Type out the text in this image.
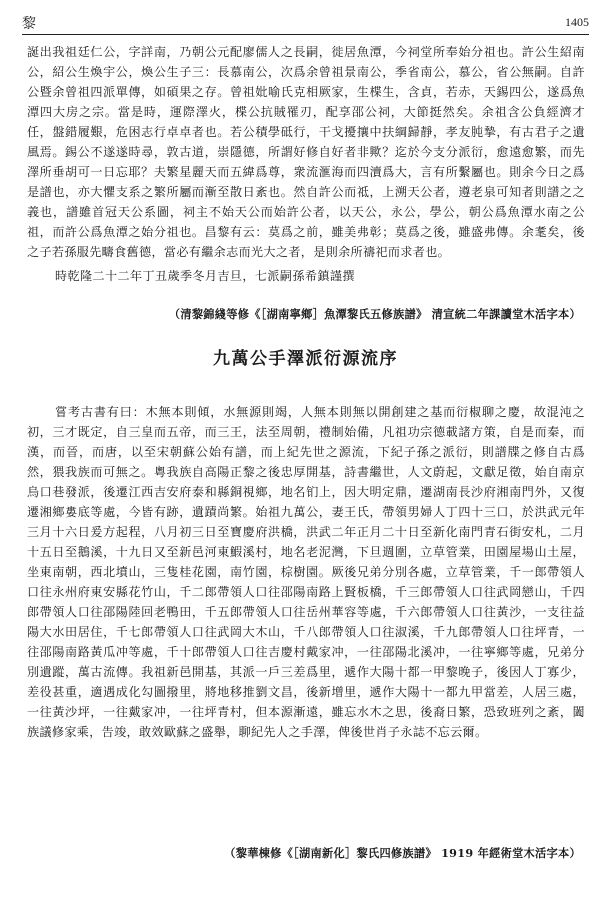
黎	1405

誕出我祖廷仁公，字詳南，乃朝公元配廖儒人之長嗣，徙居魚潭，今祠堂所奉始分祖也。許公生紹南公，紹公生煥宇公，煥公生子三：長慕南公，次爲余曾祖景南公，季省南公，慕公，省公無嗣。自許公暨余曾祖四派單傳，如碩果之存。曾祖妣喻氏克相厥家，生楪生，含貞，若赤，天錫四公，遂爲魚潭四大房之宗。當是時，運際澤火，楪公抗賊罹刃，配享邵公祠，大節挺然矣。余祖含公負經濟才任，盤錯履艱，危困志行卓卓者也。若公積學砥行，干戈擾攘中扶綱歸靜，孝友肫摯，有古君子之遺風焉。錫公不遂遂時尋，敦古道，崇隱德，所謂好修自好者非歟？迄於今支分派衍，愈遠愈繁，而先澤所垂胡可一日忘耶？夫繁星麗天而五緯爲尊，衆流滙海而四瀆爲大，言有所繫屬也。則余今日之爲是譜也，亦大懼支系之繁所屬而漸至散日紊也。然自許公而祗，上溯天公者，遵老泉可知者則譜之之義也，譜雖首冠天公系圖，祠主不始天公而始許公者，以天公，永公，學公，朝公爲魚潭水南之公祖，而許公爲魚潭之始分祖也。昌黎有云：莫爲之前，雖美弗彰；莫爲之後，雖盛弗傳。余耄矣，後之子若孫服先疇食舊德，當必有繼余志而光大之者，是則余所禱祀而求者也。

時乾隆二十二年丁丑歲季冬月吉旦，七派嗣孫希鎮謹撰

（清黎錦綫等修《［湖南寧鄉］魚潭黎氏五修族譜》 清宣統二年課讀堂木活字本）

九萬公手澤派衍源流序

嘗考古書有曰：木無本則傾，水無源則竭，人無本則無以開創建之基而衍椒聊之慶，故混沌之初，三才既定，自三皇而五帝，而三王，法至周朝，禮制始備，凡祖功宗德載諸方策，自是而秦，而漢，而晉，而唐，以至宋朝蘇公始有譜，而上紀先世之源流，下紀子孫之派衍，則譜牒之修自古爲然，猥我族而可無之。粵我族自高陽正黎之後忠厚開基，詩書繼世，人文蔚起，文獻足徵，始自南京烏口巷發派，後遷江西吉安府泰和縣銅視鄉，地名钔上，因大明定鼎，遷湖南長沙府湘南門外，又復遷湘鄉婁底等處，今皆有跡，遺蹟尚繁。始祖九萬公，妻王氏，帶領男婦人丁四十三口，於洪武元年三月十六日爰方起程，八月初三日至寶慶府洪橋，洪武二年正月二十日至新化南門青石街安札，二月十五日至鵝溪，十九日又至新邑河東鰕溪村，地名老泥灣，下旦週圍，立草管業，田園屋場山土屋，坐東南朝，西北墳山，三隻桂花園，南竹園，棕樹園。厥後兄弟分別各處，立草管業，千一郎帶領人口往永州府東安縣花竹山，千二郎帶領人口往邵陽南路上賢板橋，千三郎帶領人口往武岡戀山，千四郎帶領人口往邵陽陸回老鴨田，千五郎帶領人口往岳州華容等處，千六郎帶領人口往黃沙，一支往益陽大水田居住，千七郎帶領人口往武岡大木山，千八郎帶領人口往淑溪，千九郎帶領人口往坪青，一往邵陽南路黃瓜冲等處，千十郎帶領人口往吉慶村戴家冲，一往邵陽北溪冲，一往寧鄉等處，兄弟分別遺蹤，萬古流傳。我祖新邑開基，其派一戶三差爲里，遞作大陽十都一甲黎晚子，後因人丁寡少，差役甚重，適遇成化勾圖撥里，將地移推劉文昌，後新增里，遞作大陽十一都九甲當差，人居三處，一往黃沙坪，一往戴家冲，一往坪青村，但本源漸遠，雖忘水木之思，後裔日繁，恐致班列之紊，闔族議修家乘，告竣，敢效歐蘇之盛舉，聊紀先人之手澤，俾後世肖子永誌不忘云爾。

（黎華棟修《［湖南新化］黎氏四修族譜》 1919 年經術堂木活字本）
